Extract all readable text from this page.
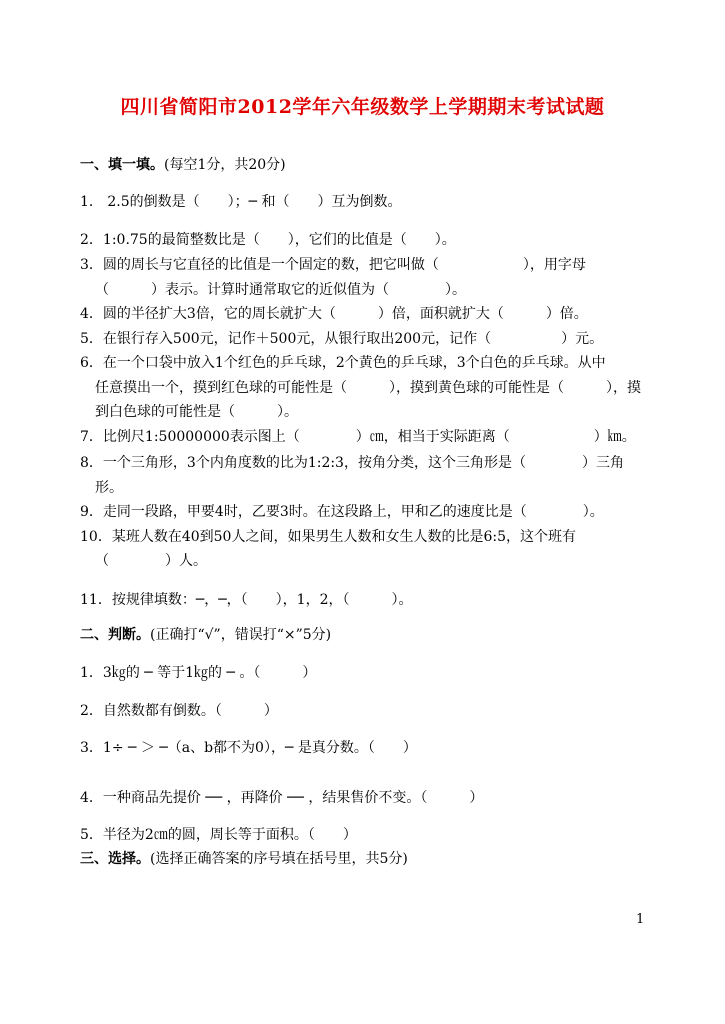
四川省简阳市2012学年六年级数学上学期期末考试试题
一、填一填。(每空1分，共20分)
1． 2.5的倒数是（　　）；─ 和（　　）互为倒数。
2．1:0.75的最简整数比是（　　），它们的比值是（　　）。
3．圆的周长与它直径的比值是一个固定的数，把它叫做（　　　　　　），用字母
（　　　）表示。计算时通常取它的近似值为（　　　　）。
4．圆的半径扩大3倍，它的周长就扩大（　　　）倍，面积就扩大（　　　）倍。
5．在银行存入500元，记作＋500元，从银行取出200元，记作（　　　　　）元。
6．在一个口袋中放入1个红色的乒乓球，2个黄色的乒乓球，3个白色的乒乓球。从中
任意摸出一个，摸到红色球的可能性是（　　　），摸到黄色球的可能性是（　　　），摸
到白色球的可能性是（　　　）。
7．比例尺1:50000000表示图上（　　　　）㎝，相当于实际距离（　　　　　　）㎞。
8．一个三角形，3个内角度数的比为1:2:3，按角分类，这个三角形是（　　　　）三角
形。
9．走同一段路，甲要4时，乙要3时。在这段路上，甲和乙的速度比是（　　　　）。
10．某班人数在40到50人之间，如果男生人数和女生人数的比是6:5，这个班有
（　　　　）人。
11．按规律填数：─，─，（　　），1，2，（　　　）。
二、判断。(正确打“√”，错误打“×”5分)
1．3㎏的 ─ 等于1㎏的 ─ 。（　　　）
2．自然数都有倒数。（　　　）
3．1÷ ─ ＞ ─（a、b都不为0），─ 是真分数。（　　）
4．一种商品先提价 ── ，再降价 ── ，结果售价不变。（　　　）
5．半径为2㎝的圆，周长等于面积。（　　）
三、选择。(选择正确答案的序号填在括号里，共5分)
1
